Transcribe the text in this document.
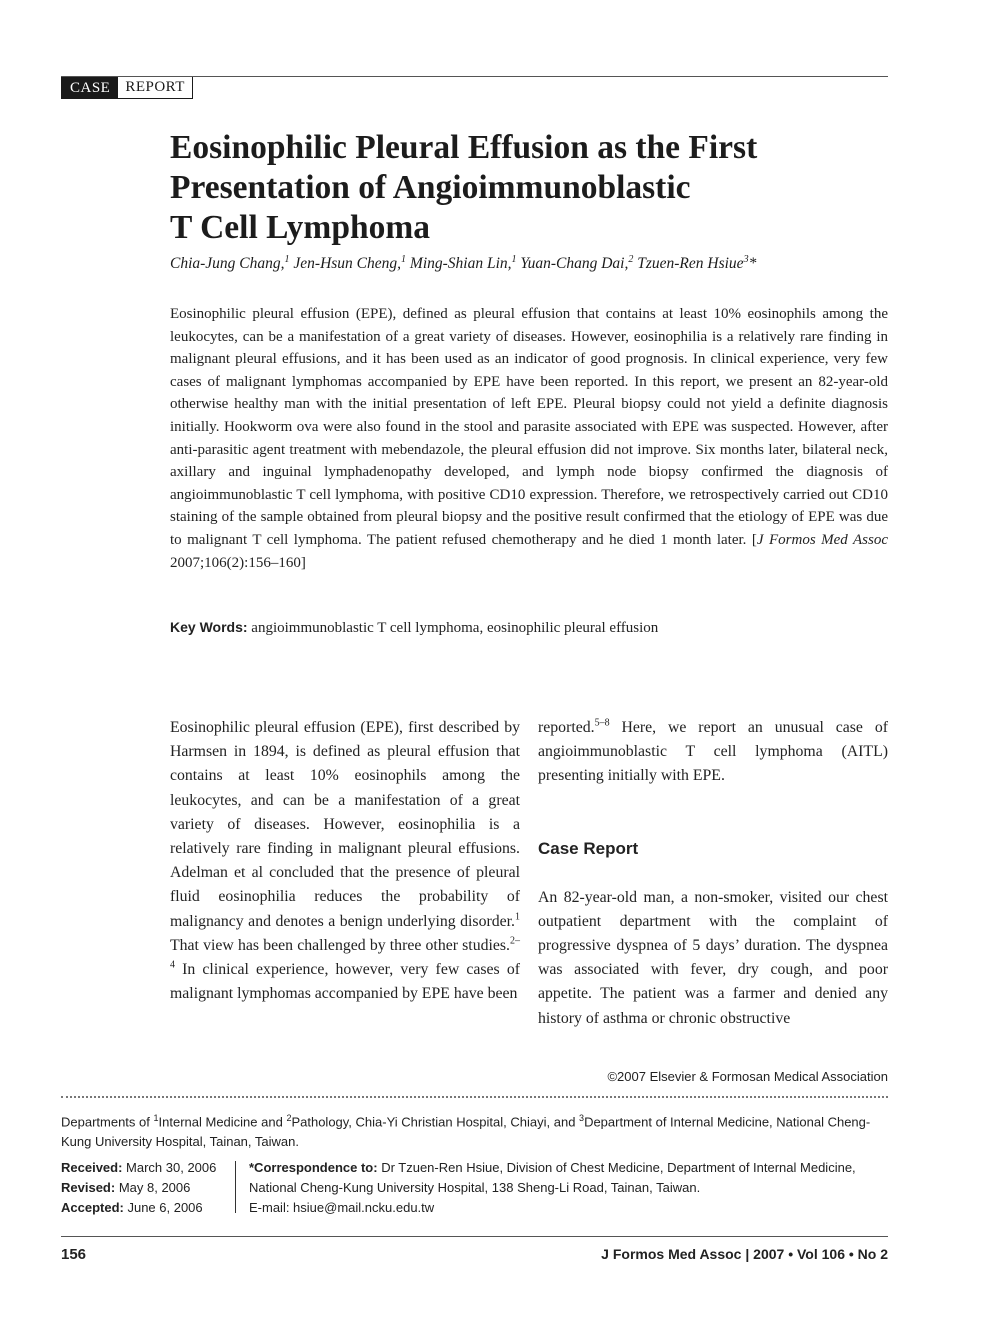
CASE	REPORT
Eosinophilic Pleural Effusion as the First
Presentation of Angioimmunoblastic
T Cell Lymphoma
Chia-Jung Chang,$^1$ Jen-Hsun Cheng,$^1$ Ming-Shian Lin,$^1$ Yuan-Chang Dai,$^2$ Tzuen-Ren Hsiue$^3$*

Eosinophilic pleural effusion (EPE), defined as pleural effusion that contains at least 10% eosinophils among the leukocytes, can be a manifestation of a great variety of diseases. However, eosinophilia is a relatively rare finding in malignant pleural effusions, and it has been used as an indicator of good prognosis. In clinical experience, very few cases of malignant lymphomas accompanied by EPE have been reported. In this report, we present an 82-year-old otherwise healthy man with the initial presentation of left EPE. Pleural biopsy could not yield a definite diagnosis initially. Hookworm ova were also found in the stool and parasite associated with EPE was suspected. However, after anti-parasitic agent treatment with mebendazole, the pleural effusion did not improve. Six months later, bilateral neck, axillary and inguinal lymphadenopathy developed, and lymph node biopsy confirmed the diagnosis of angioimmunoblastic T cell lymphoma, with positive CD10 expression. Therefore, we retrospectively carried out CD10 staining of the sample obtained from pleural biopsy and the positive result confirmed that the etiology of EPE was due to malignant T cell lymphoma. The patient refused chemotherapy and he died 1 month later. [J Formos Med Assoc 2007;106(2):156–160]

Key Words: angioimmunoblastic T cell lymphoma, eosinophilic pleural effusion

Eosinophilic pleural effusion (EPE), first described by Harmsen in 1894, is defined as pleural effusion that contains at least 10% eosinophils among the leukocytes, and can be a manifestation of a great variety of diseases. However, eosinophilia is a relatively rare finding in malignant pleural effusions. Adelman et al concluded that the presence of pleural fluid eosinophilia reduces the probability of malignancy and denotes a benign underlying disorder.$^1$ That view has been challenged by three other studies.$^{2-4}$ In clinical experience, however, very few cases of malignant lymphomas accompanied by EPE have been

reported.$^{5-8}$ Here, we report an unusual case of angioimmunoblastic T cell lymphoma (AITL) presenting initially with EPE.

Case Report

An 82-year-old man, a non-smoker, visited our chest outpatient department with the complaint of progressive dyspnea of 5 days’ duration. The dyspnea was associated with fever, dry cough, and poor appetite. The patient was a farmer and denied any history of asthma or chronic obstructive

©2007 Elsevier & Formosan Medical Association

Departments of $^1$Internal Medicine and $^2$Pathology, Chia-Yi Christian Hospital, Chiayi, and $^3$Department of Internal Medicine, National Cheng-Kung University Hospital, Tainan, Taiwan.

Received: March 30, 2006
Revised: May 8, 2006
Accepted: June 6, 2006
*Correspondence to: Dr Tzuen-Ren Hsiue, Division of Chest Medicine, Department of Internal Medicine,
National Cheng-Kung University Hospital, 138 Sheng-Li Road, Tainan, Taiwan.
E-mail: hsiue@mail.ncku.edu.tw
156	J Formos Med Assoc | 2007 • Vol 106 • No 2
